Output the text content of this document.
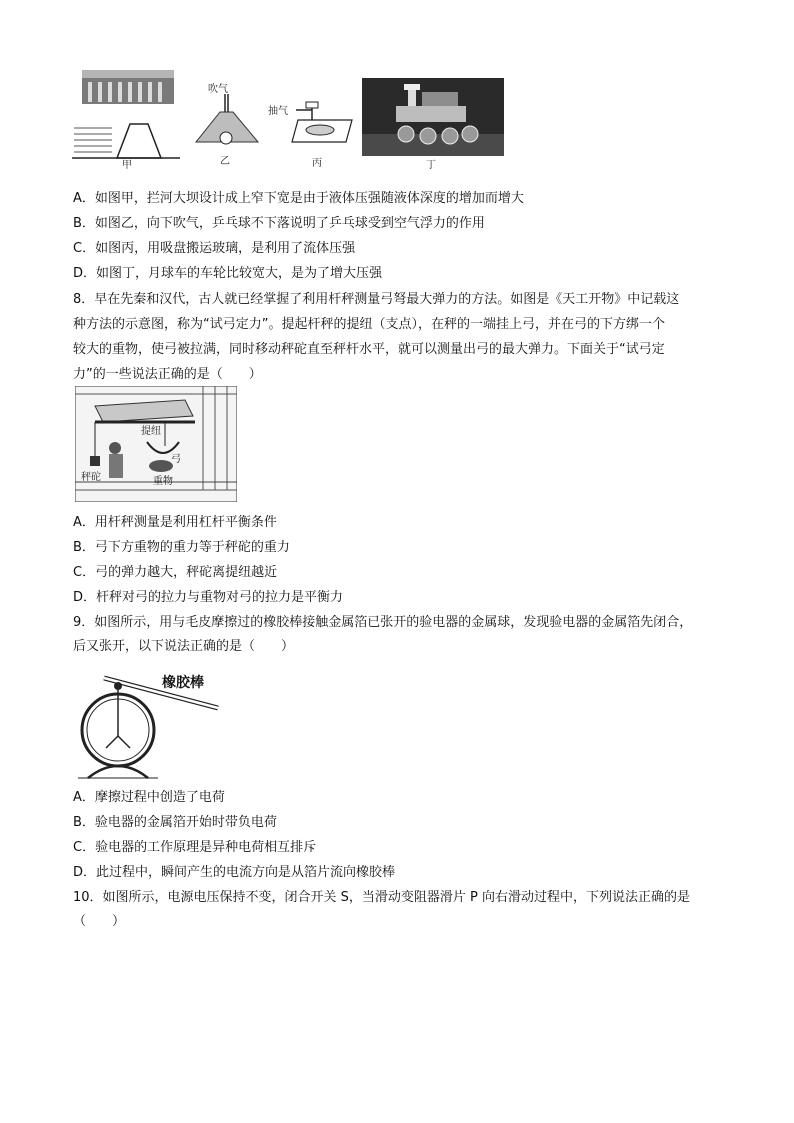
甲
吹气
乙
抽气
丙	丁
A．如图甲，拦河大坝设计成上窄下宽是由于液体压强随液体深度的增加而增大
B．如图乙，向下吹气，乒乓球不下落说明了乒乓球受到空气浮力的作用
C．如图丙，用吸盘搬运玻璃，是利用了流体压强
D．如图丁，月球车的车轮比较宽大，是为了增大压强
8．早在先秦和汉代，古人就已经掌握了利用杆秤测量弓弩最大弹力的方法。如图是《天工开物》中记载这
种方法的示意图，称为“试弓定力”。提起杆秤的提纽（支点），在秤的一端挂上弓，并在弓的下方绑一个
较大的重物，使弓被拉满，同时移动秤砣直至秤杆水平，就可以测量出弓的最大弹力。下面关于“试弓定
力”的一些说法正确的是（　　）
提纽
弓
秤砣	重物
A．用杆秤测量是利用杠杆平衡条件
B．弓下方重物的重力等于秤砣的重力
C．弓的弹力越大，秤砣离提纽越近
D．杆秤对弓的拉力与重物对弓的拉力是平衡力
9．如图所示，用与毛皮摩擦过的橡胶棒接触金属箔已张开的验电器的金属球，发现验电器的金属箔先闭合，
后又张开，以下说法正确的是（　　）
橡胶棒
A．摩擦过程中创造了电荷
B．验电器的金属箔开始时带负电荷
C．验电器的工作原理是异种电荷相互排斥
D．此过程中，瞬间产生的电流方向是从箔片流向橡胶棒
10．如图所示，电源电压保持不变，闭合开关 S，当滑动变阻器滑片 P 向右滑动过程中，下列说法正确的是
（　　）
